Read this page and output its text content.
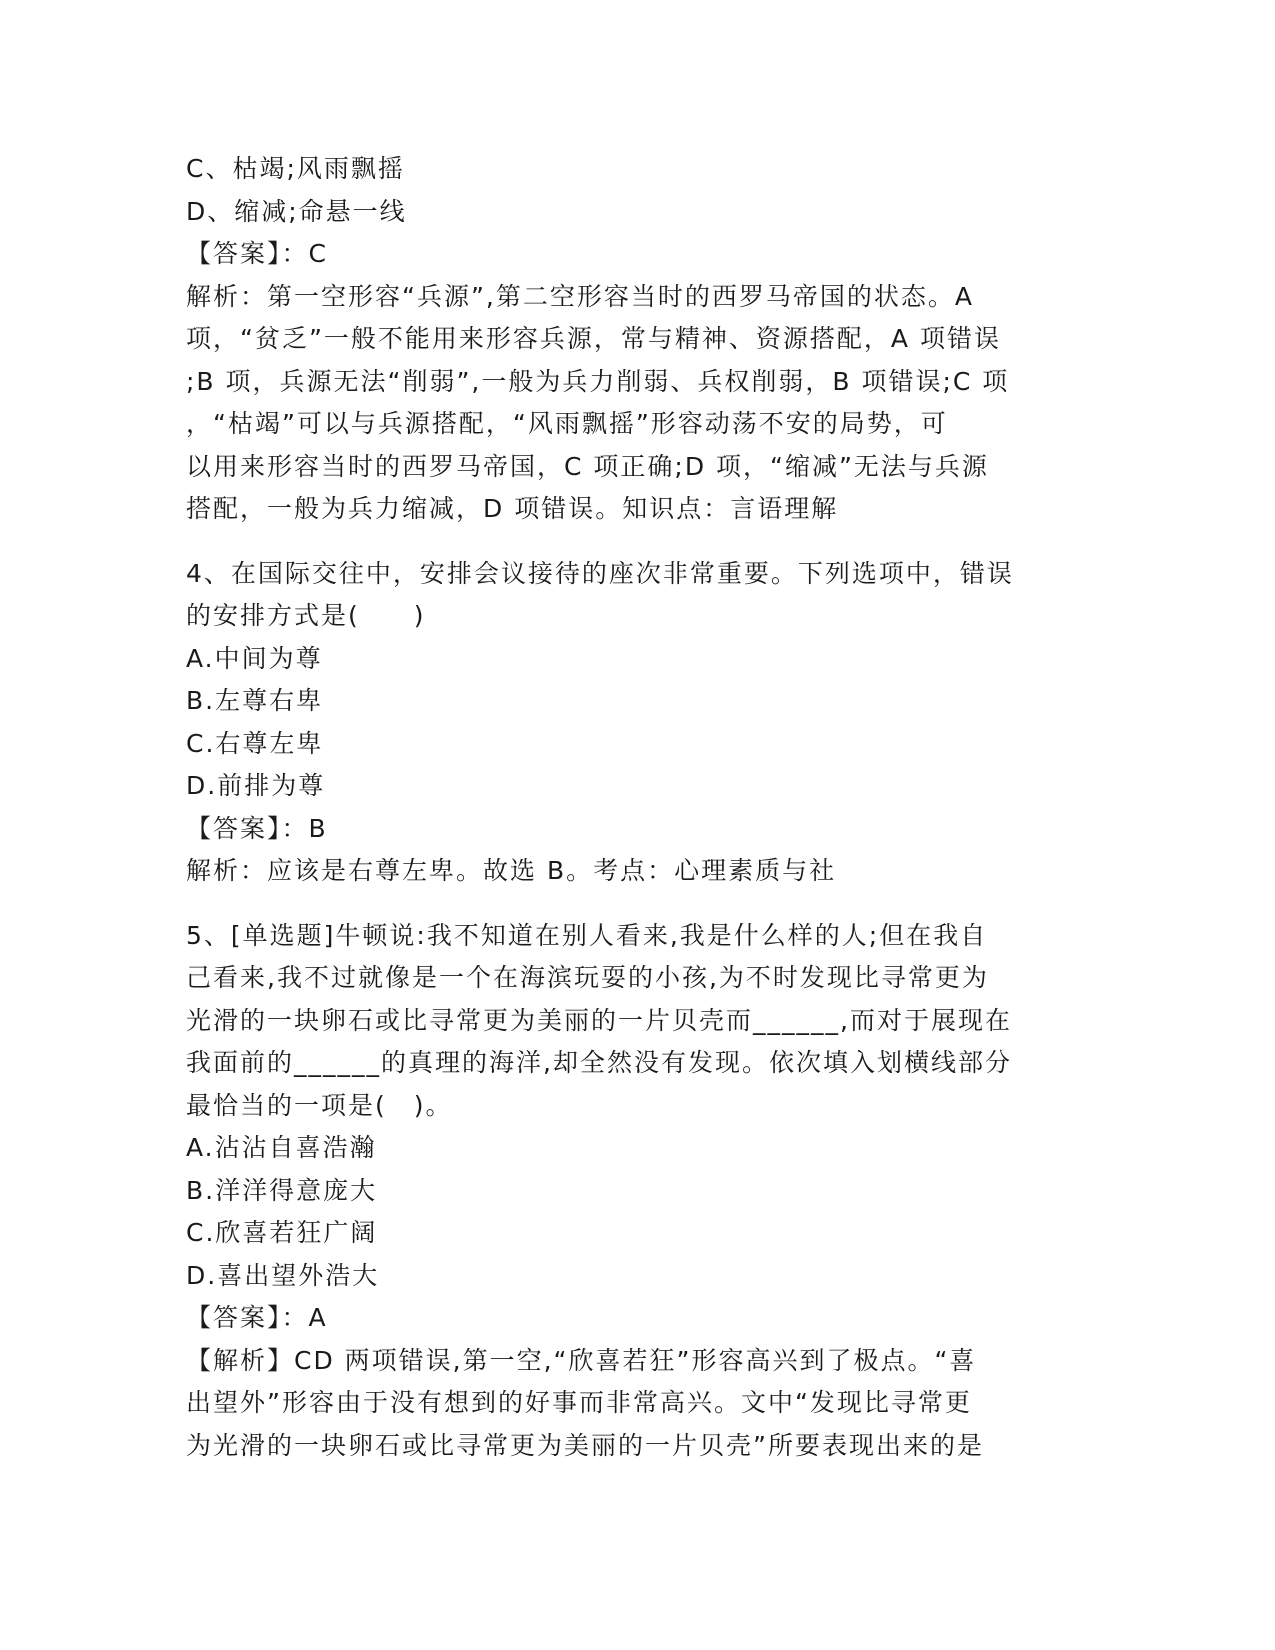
C、枯竭;风雨飘摇
D、缩减;命悬一线
【答案】：C
解析：第一空形容“兵源”,第二空形容当时的西罗马帝国的状态。A
项，“贫乏”一般不能用来形容兵源，常与精神、资源搭配，A 项错误
;B 项，兵源无法“削弱”,一般为兵力削弱、兵权削弱，B 项错误;C 项
，“枯竭”可以与兵源搭配，“风雨飘摇”形容动荡不安的局势，可
以用来形容当时的西罗马帝国，C 项正确;D 项，“缩减”无法与兵源
搭配，一般为兵力缩减，D 项错误。知识点：言语理解
4、在国际交往中，安排会议接待的座次非常重要。下列选项中，错误
的安排方式是(　　)
A.中间为尊
B.左尊右卑
C.右尊左卑
D.前排为尊
【答案】：B
解析：应该是右尊左卑。故选 B。考点：心理素质与社
5、[单选题]牛顿说:我不知道在别人看来,我是什么样的人;但在我自
己看来,我不过就像是一个在海滨玩耍的小孩,为不时发现比寻常更为
光滑的一块卵石或比寻常更为美丽的一片贝壳而______,而对于展现在
我面前的______的真理的海洋,却全然没有发现。依次填入划横线部分
最恰当的一项是(　)。
A.沾沾自喜浩瀚
B.洋洋得意庞大
C.欣喜若狂广阔
D.喜出望外浩大
【答案】：A
【解析】CD 两项错误,第一空,“欣喜若狂”形容高兴到了极点。“喜
出望外”形容由于没有想到的好事而非常高兴。文中“发现比寻常更
为光滑的一块卵石或比寻常更为美丽的一片贝壳”所要表现出来的是
